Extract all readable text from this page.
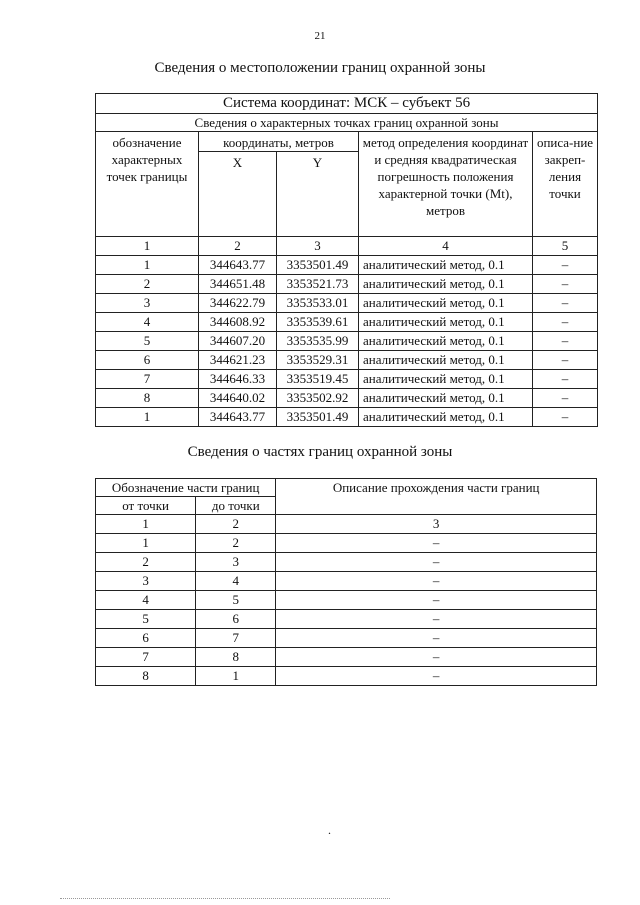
21
Сведения о местоположении границ охранной зоны
Система координат: МСК – субъект 56				
Сведения о характерных точках границ охранной зоны				
обозначение характерных точек границы	координаты, метров		метод определения координат и средняя квадратическая погрешность положения характерной точки (Mt), метров	описа-ние закреп-ления точки
	X	Y		
1	2	3	4	5
1	344643.77	3353501.49	аналитический метод, 0.1	–
2	344651.48	3353521.73	аналитический метод, 0.1	–
3	344622.79	3353533.01	аналитический метод, 0.1	–
4	344608.92	3353539.61	аналитический метод, 0.1	–
5	344607.20	3353535.99	аналитический метод, 0.1	–
6	344621.23	3353529.31	аналитический метод, 0.1	–
7	344646.33	3353519.45	аналитический метод, 0.1	–
8	344640.02	3353502.92	аналитический метод, 0.1	–
1	344643.77	3353501.49	аналитический метод, 0.1	–
Сведения о частях границ охранной зоны
Обозначение части границ		Описание прохождения части границ
от точки	до точки	
1	2	3
1	2	–
2	3	–
3	4	–
4	5	–
5	6	–
6	7	–
7	8	–
8	1	–
.
